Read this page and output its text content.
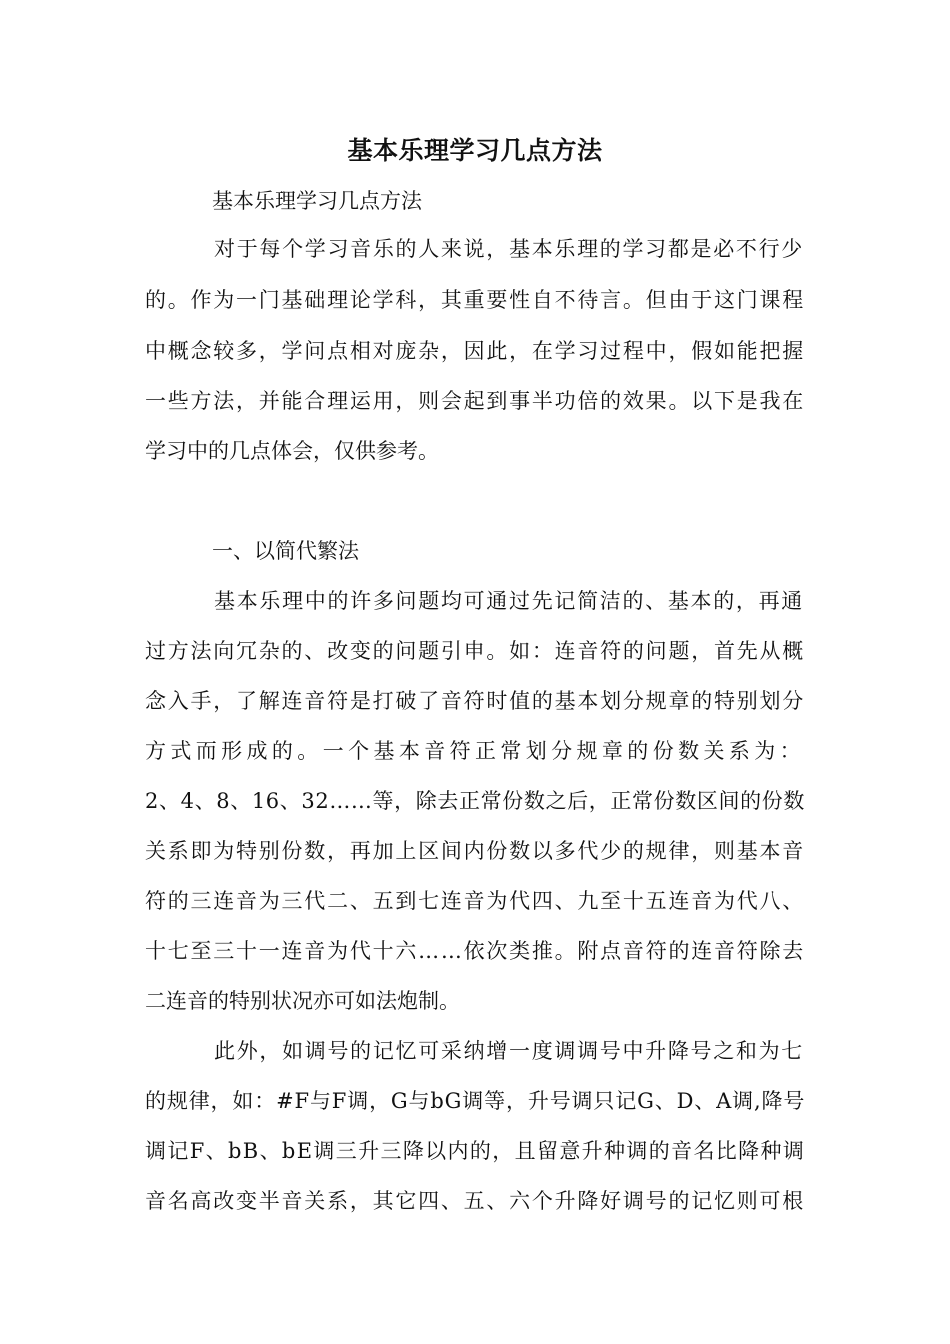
基本乐理学习几点方法
基本乐理学习几点方法
对于每个学习音乐的人来说，基本乐理的学习都是必不行少
的。作为一门基础理论学科，其重要性自不待言。但由于这门课程
中概念较多，学问点相对庞杂，因此，在学习过程中，假如能把握
一些方法，并能合理运用，则会起到事半功倍的效果。以下是我在
学习中的几点体会，仅供参考。
一、以简代繁法
基本乐理中的许多问题均可通过先记简洁的、基本的，再通
过方法向冗杂的、改变的问题引申。如：连音符的问题，首先从概
念入手，了解连音符是打破了音符时值的基本划分规章的特别划分
方式而形成的。一个基本音符正常划分规章的份数关系为：
2、4、8、16、32……等，除去正常份数之后，正常份数区间的份数
关系即为特别份数，再加上区间内份数以多代少的规律，则基本音
符的三连音为三代二、五到七连音为代四、九至十五连音为代八、
十七至三十一连音为代十六……依次类推。附点音符的连音符除去
二连音的特别状况亦可如法炮制。
此外，如调号的记忆可采纳增一度调调号中升降号之和为七
的规律，如：#F与F调，G与bG调等，升号调只记G、D、A调,降号
调记F、bB、bE调三升三降以内的，且留意升种调的音名比降种调
音名高改变半音关系，其它四、五、六个升降好调号的记忆则可根
